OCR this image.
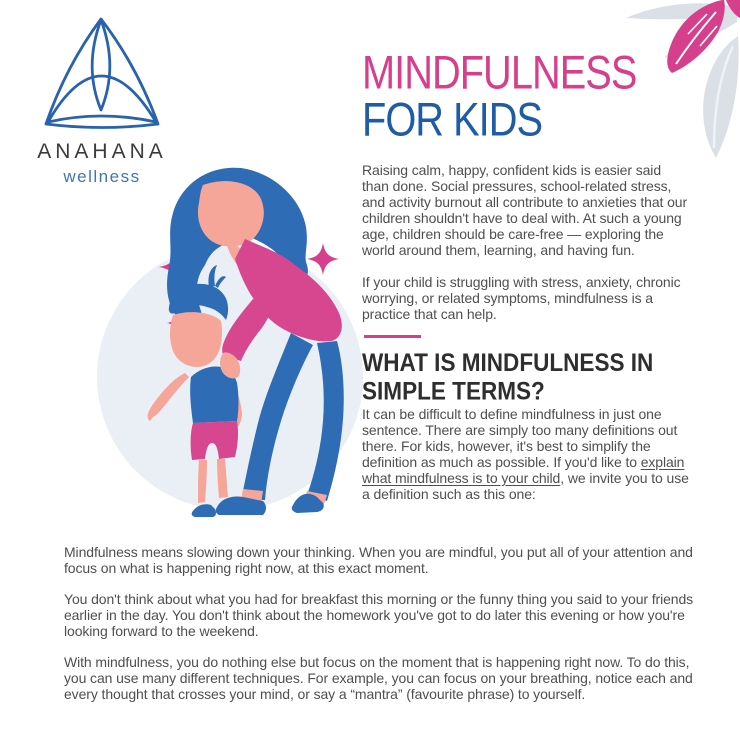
ANAHANA
wellness
MINDFULNESS
FOR KIDS

Raising calm, happy, confident kids is easier said than done. Social pressures, school-related stress, and activity burnout all contribute to anxieties that our children shouldn't have to deal with. At such a young age, children should be care-free — exploring the world around them, learning, and having fun.

If your child is struggling with stress, anxiety, chronic worrying, or related symptoms, mindfulness is a practice that can help.

WHAT IS MINDFULNESS IN SIMPLE TERMS?

It can be difficult to define mindfulness in just one sentence. There are simply too many definitions out there. For kids, however, it's best to simplify the definition as much as possible. If you'd like to explain what mindfulness is to your child, we invite you to use a definition such as this one:

Mindfulness means slowing down your thinking. When you are mindful, you put all of your attention and focus on what is happening right now, at this exact moment.

You don't think about what you had for breakfast this morning or the funny thing you said to your friends earlier in the day. You don't think about the homework you've got to do later this evening or how you're looking forward to the weekend.

With mindfulness, you do nothing else but focus on the moment that is happening right now. To do this, you can use many different techniques. For example, you can focus on your breathing, notice each and every thought that crosses your mind, or say a “mantra” (favourite phrase) to yourself.
